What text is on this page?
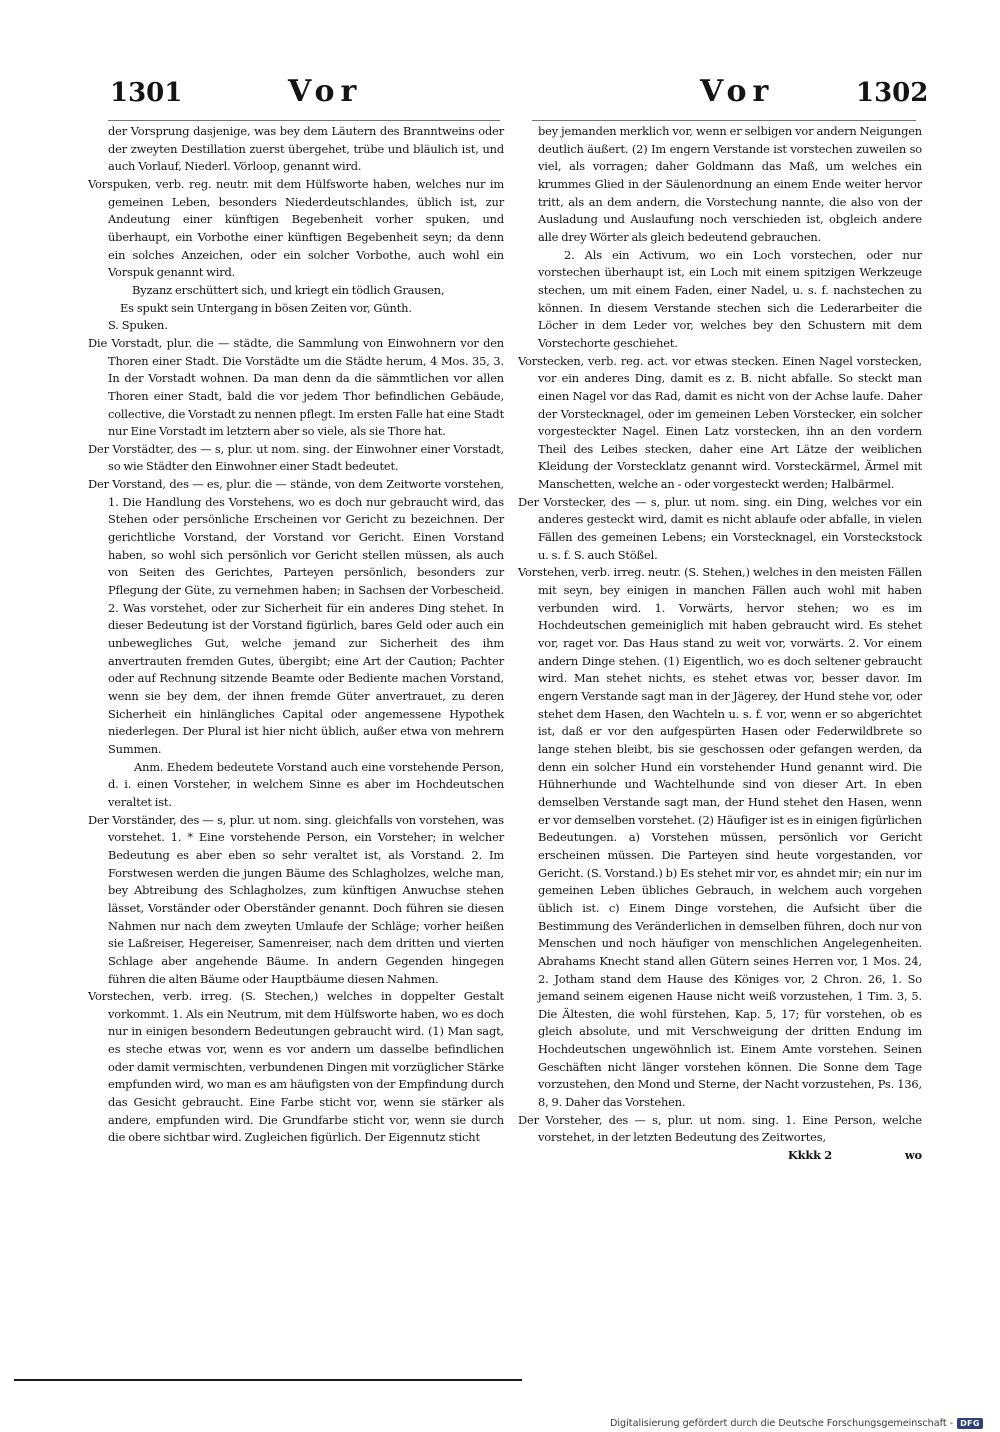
1301	Vor	Vor	1302

der Vorsprung dasjenige, was bey dem Läutern des Branntweins oder der zweyten Destillation zuerst übergehet, trübe und bläulich ist, und auch Vorlauf, Niederl. Vörloop, genannt wird.

Vorspuken, verb. reg. neutr. mit dem Hülfsworte haben, welches nur im gemeinen Leben, besonders Niederdeutschlandes, üblich ist, zur Andeutung einer künftigen Begebenheit vorher spuken, und überhaupt, ein Vorbothe einer künftigen Begebenheit seyn; da denn ein solches Anzeichen, oder ein solcher Vorbothe, auch wohl ein Vorspuk genannt wird.

Byzanz erschüttert sich, und kriegt ein tödlich Grausen,

Es spukt sein Untergang in bösen Zeiten vor, Günth.

S. Spuken.

Die Vorstadt, plur. die — städte, die Sammlung von Einwohnern vor den Thoren einer Stadt. Die Vorstädte um die Städte herum, 4 Mos. 35, 3. In der Vorstadt wohnen. Da man denn da die sämmtlichen vor allen Thoren einer Stadt, bald die vor jedem Thor befindlichen Gebäude, collective, die Vorstadt zu nennen pflegt. Im ersten Falle hat eine Stadt nur Eine Vorstadt im letztern aber so viele, als sie Thore hat.

Der Vorstädter, des — s, plur. ut nom. sing. der Einwohner einer Vorstadt, so wie Städter den Einwohner einer Stadt bedeutet.

Der Vorstand, des — es, plur. die — stände, von dem Zeitworte vorstehen, 1. Die Handlung des Vorstehens, wo es doch nur gebraucht wird, das Stehen oder persönliche Erscheinen vor Gericht zu bezeichnen. Der gerichtliche Vorstand, der Vorstand vor Gericht. Einen Vorstand haben, so wohl sich persönlich vor Gericht stellen müssen, als auch von Seiten des Gerichtes, Parteyen persönlich, besonders zur Pflegung der Güte, zu vernehmen haben; in Sachsen der Vorbescheid. 2. Was vorstehet, oder zur Sicherheit für ein anderes Ding stehet. In dieser Bedeutung ist der Vorstand figürlich, bares Geld oder auch ein unbewegliches Gut, welche jemand zur Sicherheit des ihm anvertrauten fremden Gutes, übergibt; eine Art der Caution; Pachter oder auf Rechnung sitzende Beamte oder Bediente machen Vorstand, wenn sie bey dem, der ihnen fremde Güter anvertrauet, zu deren Sicherheit ein hinlängliches Capital oder angemessene Hypothek niederlegen. Der Plural ist hier nicht üblich, außer etwa von mehrern Summen.

Anm. Ehedem bedeutete Vorstand auch eine vorstehende Person, d. i. einen Vorsteher, in welchem Sinne es aber im Hochdeutschen veraltet ist.

Der Vorständer, des — s, plur. ut nom. sing. gleichfalls von vorstehen, was vorstehet. 1. * Eine vorstehende Person, ein Vorsteher; in welcher Bedeutung es aber eben so sehr veraltet ist, als Vorstand. 2. Im Forstwesen werden die jungen Bäume des Schlagholzes, welche man, bey Abtreibung des Schlagholzes, zum künftigen Anwuchse stehen lässet, Vorständer oder Oberständer genannt. Doch führen sie diesen Nahmen nur nach dem zweyten Umlaufe der Schläge; vorher heißen sie Laßreiser, Hegereiser, Samenreiser, nach dem dritten und vierten Schlage aber angehende Bäume. In andern Gegenden hingegen führen die alten Bäume oder Hauptbäume diesen Nahmen.

Vorstechen, verb. irreg. (S. Stechen,) welches in doppelter Gestalt vorkommt. 1. Als ein Neutrum, mit dem Hülfsworte haben, wo es doch nur in einigen besondern Bedeutungen gebraucht wird. (1) Man sagt, es steche etwas vor, wenn es vor andern um dasselbe befindlichen oder damit vermischten, verbundenen Dingen mit vorzüglicher Stärke empfunden wird, wo man es am häufigsten von der Empfindung durch das Gesicht gebraucht. Eine Farbe sticht vor, wenn sie stärker als andere, empfunden wird. Die Grundfarbe sticht vor, wenn sie durch die obere sichtbar wird. Zugleichen figürlich. Der Eigennutz sticht

bey jemanden merklich vor, wenn er selbigen vor andern Neigungen deutlich äußert. (2) Im engern Verstande ist vorstechen zuweilen so viel, als vorragen; daher Goldmann das Maß, um welches ein krummes Glied in der Säulenordnung an einem Ende weiter hervor tritt, als an dem andern, die Vorstechung nannte, die also von der Ausladung und Auslaufung noch verschieden ist, obgleich andere alle drey Wörter als gleich bedeutend gebrauchen.

2. Als ein Activum, wo ein Loch vorstechen, oder nur vorstechen überhaupt ist, ein Loch mit einem spitzigen Werkzeuge stechen, um mit einem Faden, einer Nadel, u. s. f. nachstechen zu können. In diesem Verstande stechen sich die Lederarbeiter die Löcher in dem Leder vor, welches bey den Schustern mit dem Vorstechorte geschiehet.

Vorstecken, verb. reg. act. vor etwas stecken. Einen Nagel vorstecken, vor ein anderes Ding, damit es z. B. nicht abfalle. So steckt man einen Nagel vor das Rad, damit es nicht von der Achse laufe. Daher der Vorstecknagel, oder im gemeinen Leben Vorstecker, ein solcher vorgesteckter Nagel. Einen Latz vorstecken, ihn an den vordern Theil des Leibes stecken, daher eine Art Lätze der weiblichen Kleidung der Vorstecklatz genannt wird. Vorsteckärmel, Ärmel mit Manschetten, welche an - oder vorgesteckt werden; Halbärmel.

Der Vorstecker, des — s, plur. ut nom. sing. ein Ding, welches vor ein anderes gesteckt wird, damit es nicht ablaufe oder abfalle, in vielen Fällen des gemeinen Lebens; ein Vorstecknagel, ein Vorsteckstock u. s. f. S. auch Stößel.

Vorstehen, verb. irreg. neutr. (S. Stehen,) welches in den meisten Fällen mit seyn, bey einigen in manchen Fällen auch wohl mit haben verbunden wird. 1. Vorwärts, hervor stehen; wo es im Hochdeutschen gemeiniglich mit haben gebraucht wird. Es stehet vor, raget vor. Das Haus stand zu weit vor, vorwärts. 2. Vor einem andern Dinge stehen. (1) Eigentlich, wo es doch seltener gebraucht wird. Man stehet nichts, es stehet etwas vor, besser davor. Im engern Verstande sagt man in der Jägerey, der Hund stehe vor, oder stehet dem Hasen, den Wachteln u. s. f. vor, wenn er so abgerichtet ist, daß er vor den aufgespürten Hasen oder Federwildbrete so lange stehen bleibt, bis sie geschossen oder gefangen werden, da denn ein solcher Hund ein vorstehender Hund genannt wird. Die Hühnerhunde und Wachtelhunde sind von dieser Art. In eben demselben Verstande sagt man, der Hund stehet den Hasen, wenn er vor demselben vorstehet. (2) Häufiger ist es in einigen figürlichen Bedeutungen. a) Vorstehen müssen, persönlich vor Gericht erscheinen müssen. Die Parteyen sind heute vorgestanden, vor Gericht. (S. Vorstand.) b) Es stehet mir vor, es ahndet mir; ein nur im gemeinen Leben übliches Gebrauch, in welchem auch vorgehen üblich ist. c) Einem Dinge vorstehen, die Aufsicht über die Bestimmung des Veränderlichen in demselben führen, doch nur von Menschen und noch häufiger von menschlichen Angelegenheiten. Abrahams Knecht stand allen Gütern seines Herren vor, 1 Mos. 24, 2. Jotham stand dem Hause des Königes vor, 2 Chron. 26, 1. So jemand seinem eigenen Hause nicht weiß vorzustehen, 1 Tim. 3, 5. Die Ältesten, die wohl fürstehen, Kap. 5, 17; für vorstehen, ob es gleich absolute, und mit Verschweigung der dritten Endung im Hochdeutschen ungewöhnlich ist. Einem Amte vorstehen. Seinen Geschäften nicht länger vorstehen können. Die Sonne dem Tage vorzustehen, den Mond und Sterne, der Nacht vorzustehen, Ps. 136, 8, 9. Daher das Vorstehen.

Der Vorsteher, des — s, plur. ut nom. sing. 1. Eine Person, welche vorstehet, in der letzten Bedeutung des Zeitwortes,

Kkkk 2	wo

Digitalisierung gefördert durch die Deutsche Forschungsgemeinschaft - DFG
